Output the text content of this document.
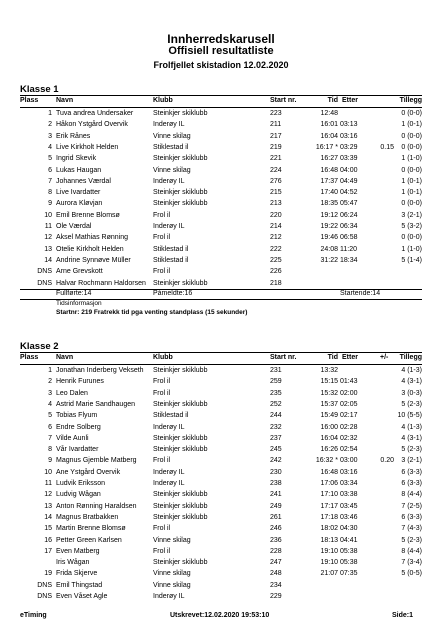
Innherredskarusell
Offisiell resultatliste
Frolfjellet skistadion 12.02.2020
Klasse 1
Plass	Navn	Klubb	Start nr.	Tid Etter	Tillegg
1 Tuva andrea Undersaker	Steinkjer skiklubb	223	12:48	0 (0-0)
2 Håkon Ystgård Overvik	Inderøy IL	211	16:01 03:13	1 (0-1)
3 Erik Rånes	Vinne skilag	217	16:04 03:16	0 (0-0)
4 Live Kirkholt Helden	Stiklestad il	219	16:17 * 03:29	0.15	0 (0-0)
5 Ingrid Skevik	Steinkjer skiklubb	221	16:27 03:39	1 (1-0)
6 Lukas Haugan	Vinne skilag	224	16:48 04:00	0 (0-0)
7 Johannes Værdal	Inderøy IL	276	17:37 04:49	1 (0-1)
8 Live Ivardatter	Steinkjer skiklubb	215	17:40 04:52	1 (0-1)
9 Aurora Kløvjan	Steinkjer skiklubb	213	18:35 05:47	0 (0-0)
10 Emil Brenne Blomsø	Frol il	220	19:12 06:24	3 (2-1)
11 Ole Værdal	Inderøy IL	214	19:22 06:34	5 (3-2)
12 Aksel Mathias Rønning	Frol il	212	19:46 06:58	0 (0-0)
13 Otelie Kirkholt Helden	Stiklestad il	222	24:08 11:20	1 (1-0)
14 Andrine Synnøve Müller	Stiklestad il	225	31:22 18:34	5 (1-4)
DNS Arne Grevskott	Frol il	226
DNS Halvar Rochmann Haldorsen	Steinkjer skiklubb	218
Fullførte:14	Påmeldte:16	Startende:14
Tidsinformasjon
Startnr: 219 Fratrekk tid pga venting standplass (15 sekunder)
Klasse 2
Plass	Navn	Klubb	Start nr.	Tid Etter	+/-	Tillegg
1 Jonathan Inderberg Vekseth	Steinkjer skiklubb	231	13:32	4 (1-3)
2 Henrik Furunes	Frol il	259	15:15 01:43	4 (3-1)
3 Leo Dalen	Frol il	235	15:32 02:00	3 (0-3)
4 Astrid Marie Sandhaugen	Steinkjer skiklubb	252	15:37 02:05	5 (2-3)
5 Tobias Flyum	Stiklestad il	244	15:49 02:17	10 (5-5)
6 Endre Solberg	Inderøy IL	232	16:00 02:28	4 (1-3)
7 Vilde Aunli	Steinkjer skiklubb	237	16:04 02:32	4 (3-1)
8 Vår Ivardatter	Steinkjer skiklubb	245	16:26 02:54	5 (2-3)
9 Magnus Gjemble Matberg	Frol il	242	16:32 * 03:00	0.20	3 (2-1)
10 Ane Ystgård Overvik	Inderøy IL	230	16:48 03:16	6 (3-3)
11 Ludvik Eriksson	Inderøy IL	238	17:06 03:34	6 (3-3)
12 Ludvig Wågan	Steinkjer skiklubb	241	17:10 03:38	8 (4-4)
13 Anton Rønning Haraldsen	Steinkjer skiklubb	249	17:17 03:45	7 (2-5)
14 Magnus Bratbakken	Steinkjer skiklubb	261	17:18 03:46	6 (3-3)
15 Martin Brenne Blomsø	Frol il	246	18:02 04:30	7 (4-3)
16 Petter Green Karlsen	Vinne skilag	236	18:13 04:41	5 (2-3)
17 Even Matberg	Frol il	228	19:10 05:38	8 (4-4)
Iris Wågan	Steinkjer skiklubb	247	19:10 05:38	7 (3-4)
19 Frida Skjerve	Vinne skilag	248	21:07 07:35	5 (0-5)
DNS Emil Thingstad	Vinne skilag	234
DNS Even Våset Agle	Inderøy IL	229
eTiming	Utskrevet:12.02.2020 19:53:10	Side:1
